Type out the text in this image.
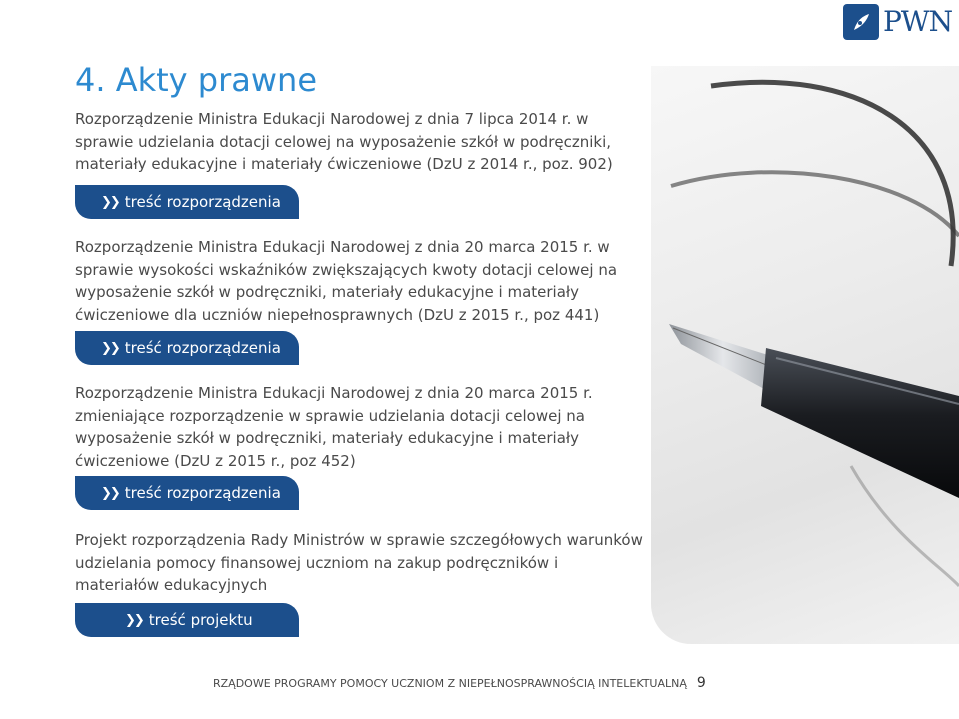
PWN
4. Akty prawne

Rozporządzenie Ministra Edukacji Narodowej z dnia 7 lipca 2014 r. w sprawie udzielania dotacji celowej na wyposażenie szkół w podręczniki, materiały edukacyjne i materiały ćwiczeniowe (DzU z 2014 r., poz. 902)

❯❯ treść rozporządzenia

Rozporządzenie Ministra Edukacji Narodowej z dnia 20 marca 2015 r. w sprawie wysokości wskaźników zwiększających kwoty dotacji celowej na wyposażenie szkół w podręczniki, materiały edukacyjne i materiały ćwiczeniowe dla uczniów niepełnosprawnych (DzU z 2015 r., poz 441)

❯❯ treść rozporządzenia

Rozporządzenie Ministra Edukacji Narodowej z dnia 20 marca 2015 r. zmieniające rozporządzenie w sprawie udzielania dotacji celowej na wyposażenie szkół w podręczniki, materiały edukacyjne i materiały ćwiczeniowe (DzU z 2015 r., poz 452)

❯❯ treść rozporządzenia

Projekt rozporządzenia Rady Ministrów w sprawie szczegółowych warunków udzielania pomocy finansowej uczniom na zakup podręczników i materiałów edukacyjnych

❯❯ treść projektu
RZĄDOWE PROGRAMY POMOCY UCZNIOM Z NIEPEŁNOSPRAWNOŚCIĄ INTELEKTUALNĄ 9
